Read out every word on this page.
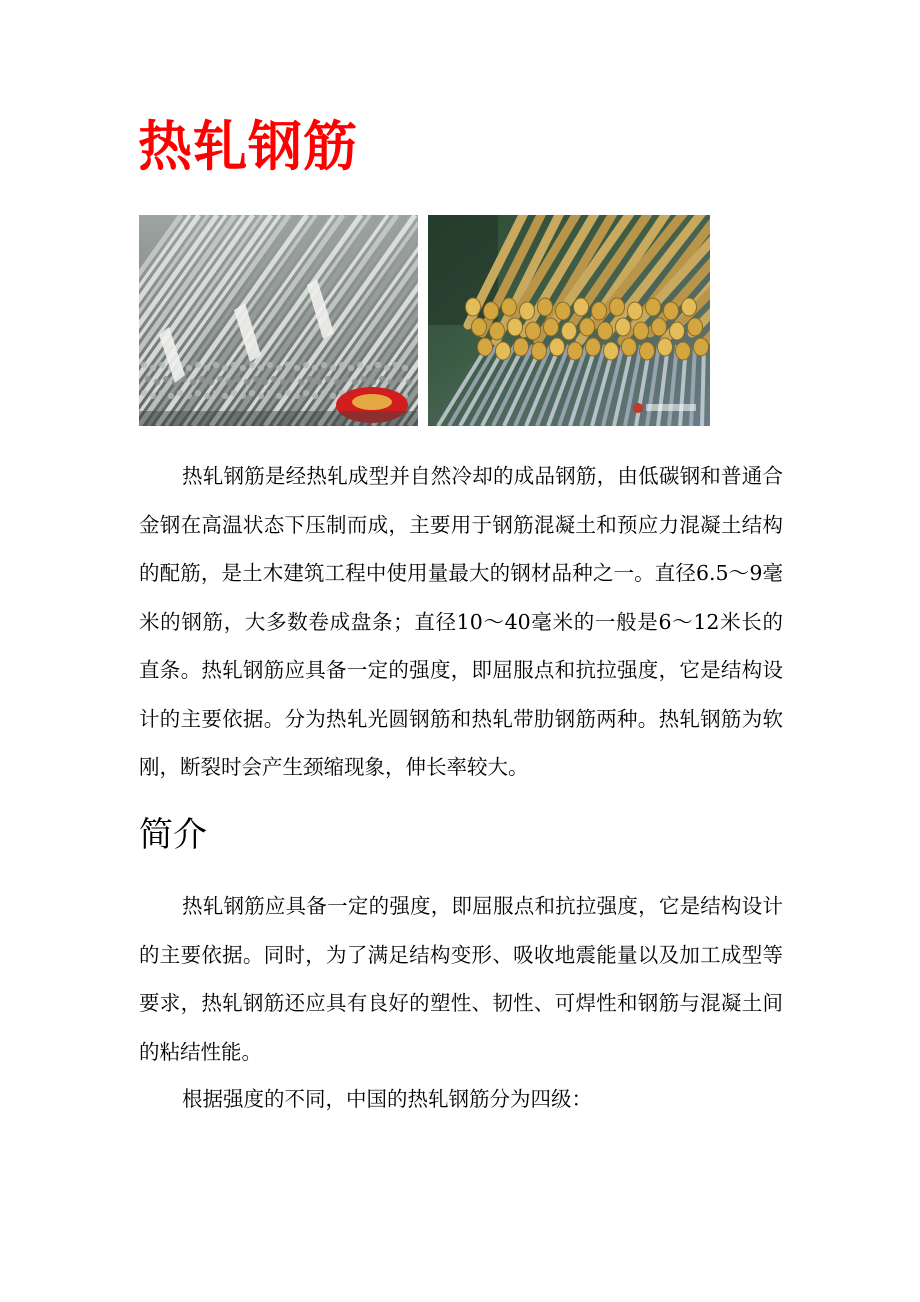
热轧钢筋

热轧钢筋是经热轧成型并自然冷却的成品钢筋，由低碳钢和普通合金钢在高温状态下压制而成，主要用于钢筋混凝土和预应力混凝土结构的配筋，是土木建筑工程中使用量最大的钢材品种之一。直径6.5～9毫米的钢筋，大多数卷成盘条；直径10～40毫米的一般是6～12米长的直条。热轧钢筋应具备一定的强度，即屈服点和抗拉强度，它是结构设计的主要依据。分为热轧光圆钢筋和热轧带肋钢筋两种。热轧钢筋为软刚，断裂时会产生颈缩现象，伸长率较大。

简介

热轧钢筋应具备一定的强度，即屈服点和抗拉强度，它是结构设计的主要依据。同时，为了满足结构变形、吸收地震能量以及加工成型等要求，热轧钢筋还应具有良好的塑性、韧性、可焊性和钢筋与混凝土间的粘结性能。

根据强度的不同，中国的热轧钢筋分为四级：
